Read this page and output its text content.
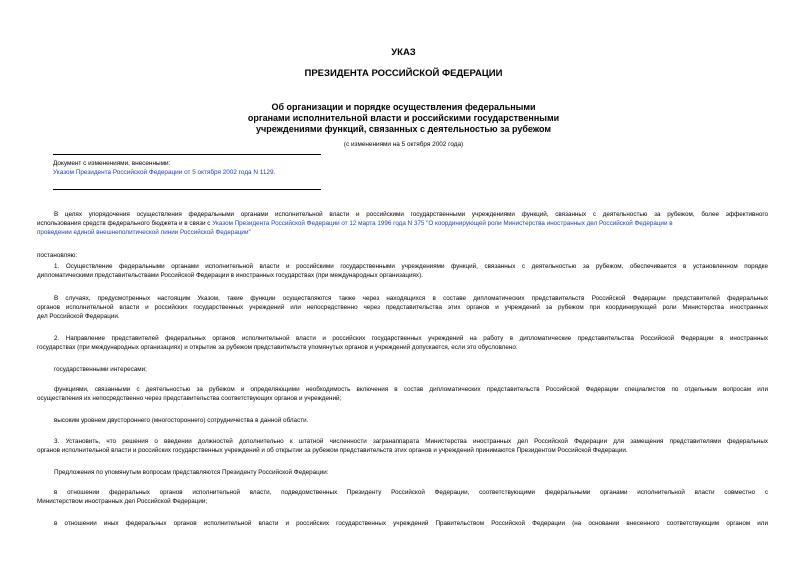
УКАЗ
ПРЕЗИДЕНТА РОССИЙСКОЙ ФЕДЕРАЦИИ
Об организации и порядке осуществления федеральными
органами исполнительной власти и российскими государственными
учреждениями функций, связанных с деятельностью за рубежом
(с изменениями на 5 октября 2002 года)
Документ с изменениями, внесенными:
Указом Президента Российской Федерации от 5 октября 2002 года N 1129.
В целях упорядочения осуществления федеральными органами исполнительной власти и российскими государственными учреждениями функций, связанных с деятельностью за рубежом, более эффективного
использования средств федерального бюджета и в связи с Указом Президента Российской Федерации от 12 марта 1996 года N 375 "О координирующей роли Министерства иностранных дел Российской Федерации в
проведении единой внешнеполитической линии Российской Федерации"
постановляю:
1. Осуществление федеральными органами исполнительной власти и российскими государственными учреждениями функций, связанных с деятельностью за рубежом, обеспечивается в установленном порядке
дипломатическими представительствами Российской Федерации в иностранных государствах (при международных организациях).
В случаях, предусмотренных настоящим Указом, такие функции осуществляются также через находящихся в составе дипломатических представительств Российской Федерации представителей федеральных
органов исполнительной власти и российских государственных учреждений или непосредственно через представительства этих органов и учреждений за рубежом при координирующей роли Министерства иностранных
дел Российской Федерации.
2. Направление представителей федеральных органов исполнительной власти и российских государственных учреждений на работу в дипломатические представительства Российской Федерации в иностранных
государствах (при международных организациях) и открытие за рубежом представительств упомянутых органов и учреждений допускается, если это обусловлено:
государственными интересами;
функциями, связанными с деятельностью за рубежом и определяющими необходимость включения в состав дипломатических представительств Российской Федерации специалистов по отдельным вопросам или
осуществления их непосредственно через представительства соответствующих органов и учреждений;
высоким уровнем двустороннего (многостороннего) сотрудничества в данной области.
3. Установить, что решения о введении должностей дополнительно к штатной численности загранаппарата Министерства иностранных дел Российской Федерации для замещения представителями федеральных
органов исполнительной власти и российских государственных учреждений и об открытии за рубежом представительств этих органов и учреждений принимаются Президентом Российской Федерации.
Предложения по упомянутым вопросам представляются Президенту Российской Федерации:
в отношении федеральных органов исполнительной власти, подведомственных Президенту Российской Федерации, соответствующими федеральными органами исполнительной власти совместно с
Министерством иностранных дел Российской Федерации;
в отношении иных федеральных органов исполнительной власти и российских государственных учреждений Правительством Российской Федерации (на основании внесенного соответствующим органом или
